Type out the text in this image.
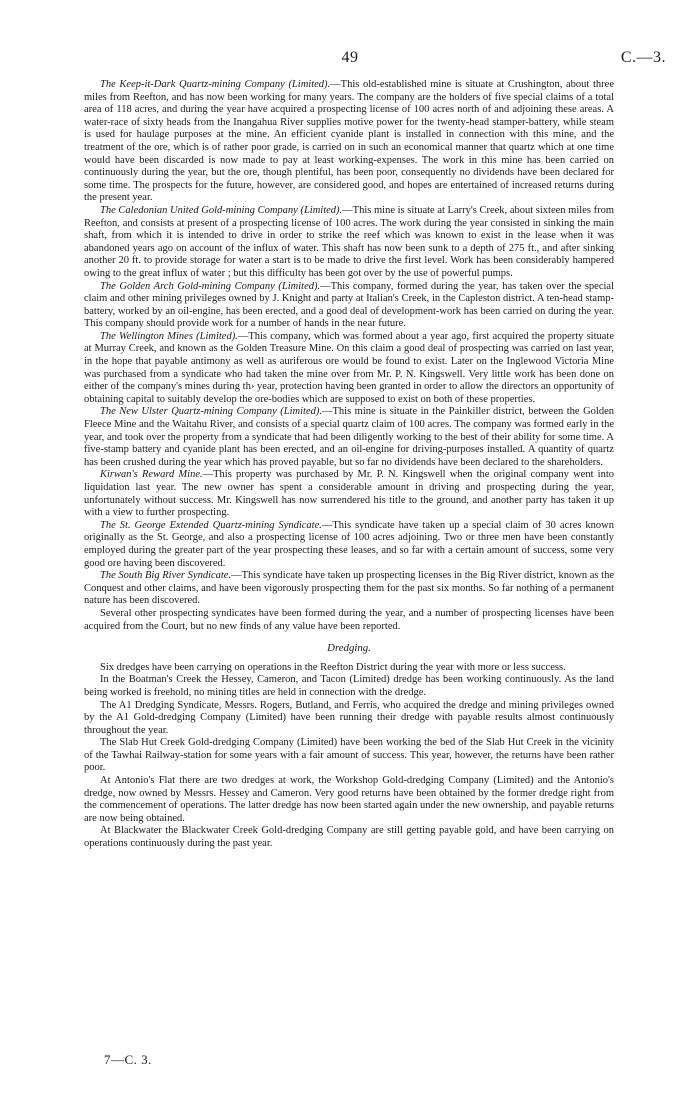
49	C.—3.

The Keep-it-Dark Quartz-mining Company (Limited).—This old-established mine is situate at Crushington, about three miles from Reefton, and has now been working for many years. The company are the holders of five special claims of a total area of 118 acres, and during the year have acquired a prospecting license of 100 acres north of and adjoining these areas. A water-race of sixty heads from the Inangahua River supplies motive power for the twenty-head stamper-battery, while steam is used for haulage purposes at the mine. An efficient cyanide plant is installed in connection with this mine, and the treatment of the ore, which is of rather poor grade, is carried on in such an economical manner that quartz which at one time would have been discarded is now made to pay at least working-expenses. The work in this mine has been carried on continuously during the year, but the ore, though plentiful, has been poor, consequently no dividends have been declared for some time. The prospects for the future, however, are considered good, and hopes are entertained of increased returns during the present year.

The Caledonian United Gold-mining Company (Limited).—This mine is situate at Larry's Creek, about sixteen miles from Reefton, and consists at present of a prospecting license of 100 acres. The work during the year consisted in sinking the main shaft, from which it is intended to drive in order to strike the reef which was known to exist in the lease when it was abandoned years ago on account of the influx of water. This shaft has now been sunk to a depth of 275 ft., and after sinking another 20 ft. to provide storage for water a start is to be made to drive the first level. Work has been considerably hampered owing to the great influx of water ; but this difficulty has been got over by the use of powerful pumps.

The Golden Arch Gold-mining Company (Limited).—This company, formed during the year, has taken over the special claim and other mining privileges owned by J. Knight and party at Italian's Creek, in the Capleston district. A ten-head stamp-battery, worked by an oil-engine, has been erected, and a good deal of development-work has been carried on during the year. This company should provide work for a number of hands in the near future.

The Wellington Mines (Limited).—This company, which was formed about a year ago, first acquired the property situate at Murray Creek, and known as the Golden Treasure Mine. On this claim a good deal of prospecting was carried on last year, in the hope that payable antimony as well as auriferous ore would be found to exist. Later on the Inglewood Victoria Mine was purchased from a syndicate who had taken the mine over from Mr. P. N. Kingswell. Very little work has been done on either of the company's mines during th› year, protection having been granted in order to allow the directors an opportunity of obtaining capital to suitably develop the ore-bodies which are supposed to exist on both of these properties.

The New Ulster Quartz-mining Company (Limited).—This mine is situate in the Painkiller district, between the Golden Fleece Mine and the Waitahu River, and consists of a special quartz claim of 100 acres. The company was formed early in the year, and took over the property from a syndicate that had been diligently working to the best of their ability for some time. A five-stamp battery and cyanide plant has been erected, and an oil-engine for driving-purposes installed. A quantity of quartz has been crushed during the year which has proved payable, but so far no dividends have been declared to the shareholders.

Kirwan's Reward Mine.—This property was purchased by Mr. P. N. Kingswell when the original company went into liquidation last year. The new owner has spent a considerable amount in driving and prospecting during the year, unfortunately without success. Mr. Kingswell has now surrendered his title to the ground, and another party has taken it up with a view to further prospecting.

The St. George Extended Quartz-mining Syndicate.—This syndicate have taken up a special claim of 30 acres known originally as the St. George, and also a prospecting license of 100 acres adjoining. Two or three men have been constantly employed during the greater part of the year prospecting these leases, and so far with a certain amount of success, some very good ore having been discovered.

The South Big River Syndicate.—This syndicate have taken up prospecting licenses in the Big River district, known as the Conquest and other claims, and have been vigorously prospecting them for the past six months. So far nothing of a permanent nature has been discovered.

Several other prospecting syndicates have been formed during the year, and a number of prospecting licenses have been acquired from the Court, but no new finds of any value have been reported.

Dredging.

Six dredges have been carrying on operations in the Reefton District during the year with more or less success.

In the Boatman's Creek the Hessey, Cameron, and Tacon (Limited) dredge has been working continuously. As the land being worked is freehold, no mining titles are held in connection with the dredge.

The A1 Dredging Syndicate, Messrs. Rogers, Butland, and Ferris, who acquired the dredge and mining privileges owned by the A1 Gold-dredging Company (Limited) have been running their dredge with payable results almost continuously throughout the year.

The Slab Hut Creek Gold-dredging Company (Limited) have been working the bed of the Slab Hut Creek in the vicinity of the Tawhai Railway-station for some years with a fair amount of success. This year, however, the returns have been rather poor.

At Antonio's Flat there are two dredges at work, the Workshop Gold-dredging Company (Limited) and the Antonio's dredge, now owned by Messrs. Hessey and Cameron. Very good returns have been obtained by the former dredge right from the commencement of operations. The latter dredge has now been started again under the new ownership, and payable returns are now being obtained.

At Blackwater the Blackwater Creek Gold-dredging Company are still getting payable gold, and have been carrying on operations continuously during the past year.

7—C. 3.
